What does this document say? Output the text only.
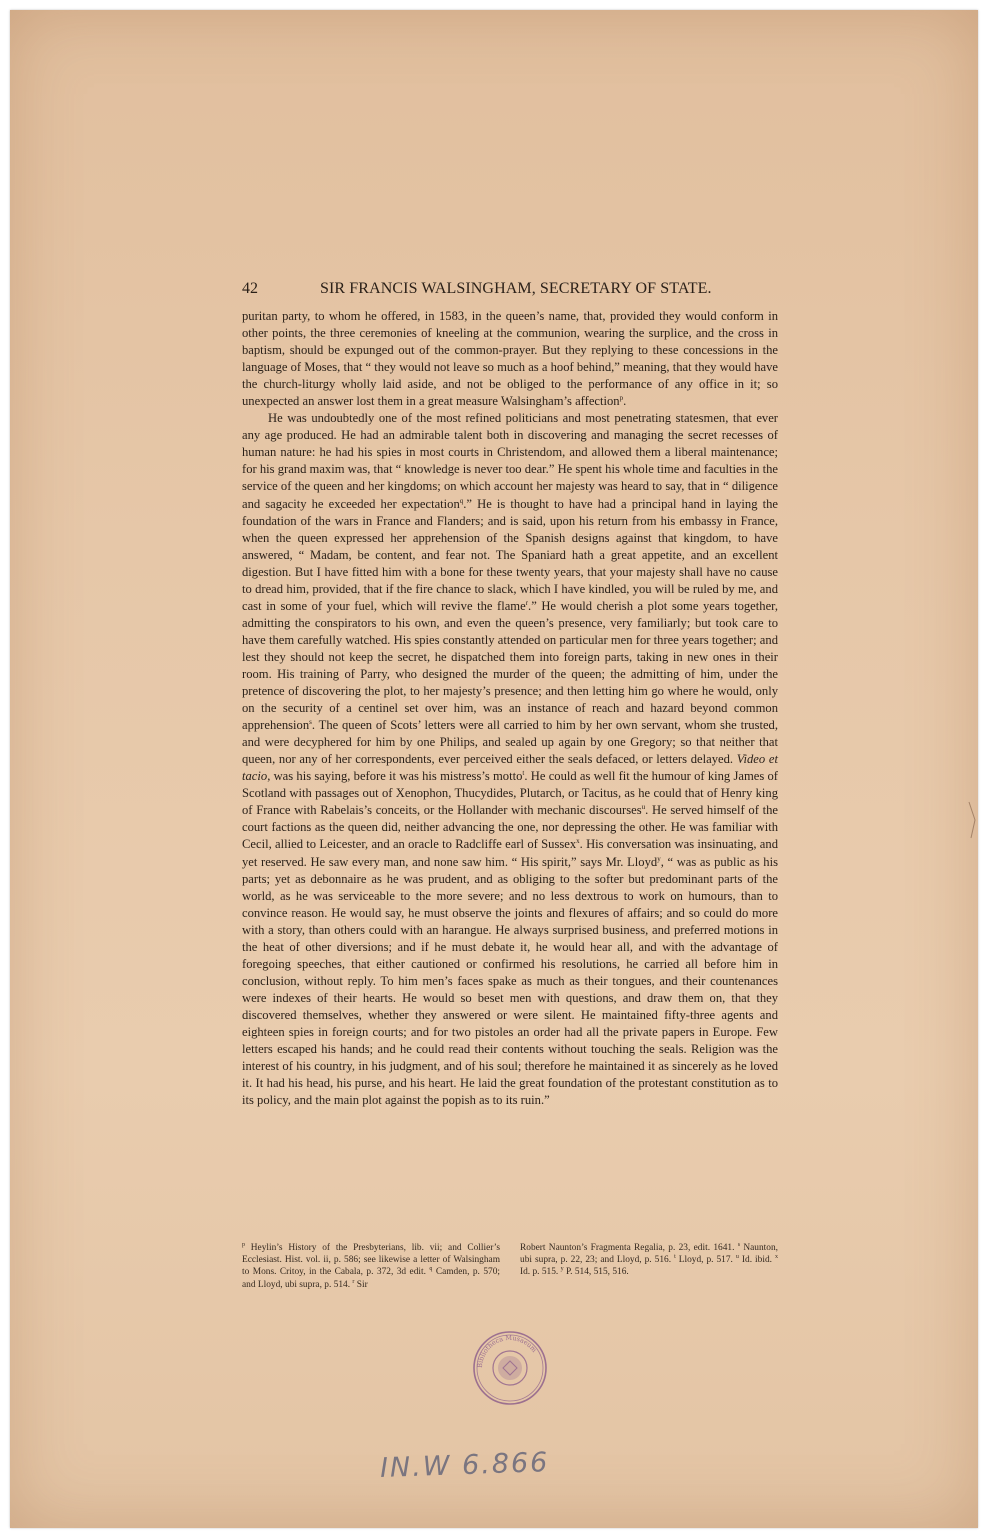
42	SIR FRANCIS WALSINGHAM, SECRETARY OF STATE.

puritan party, to whom he offered, in 1583, in the queen’s name, that, provided they would conform in other points, the three ceremonies of kneeling at the communion, wearing the surplice, and the cross in baptism, should be expunged out of the common-prayer. But they replying to these concessions in the language of Moses, that “ they would not leave so much as a hoof behind,” meaning, that they would have the church-liturgy wholly laid aside, and not be obliged to the performance of any office in it; so unexpected an answer lost them in a great measure Walsingham’s affection$^p$.

He was undoubtedly one of the most refined politicians and most penetrating statesmen, that ever any age produced. He had an admirable talent both in discovering and managing the secret recesses of human nature: he had his spies in most courts in Christendom, and allowed them a liberal maintenance; for his grand maxim was, that “ knowledge is never too dear.” He spent his whole time and faculties in the service of the queen and her kingdoms; on which account her majesty was heard to say, that in “ diligence and sagacity he exceeded her expectation$^q$.” He is thought to have had a principal hand in laying the foundation of the wars in France and Flanders; and is said, upon his return from his embassy in France, when the queen expressed her apprehension of the Spanish designs against that kingdom, to have answered, “ Madam, be content, and fear not. The Spaniard hath a great appetite, and an excellent digestion. But I have fitted him with a bone for these twenty years, that your majesty shall have no cause to dread him, provided, that if the fire chance to slack, which I have kindled, you will be ruled by me, and cast in some of your fuel, which will revive the flame$^r$.” He would cherish a plot some years together, admitting the conspirators to his own, and even the queen’s presence, very familiarly; but took care to have them carefully watched. His spies constantly attended on particular men for three years together; and lest they should not keep the secret, he dispatched them into foreign parts, taking in new ones in their room. His training of Parry, who designed the murder of the queen; the admitting of him, under the pretence of discovering the plot, to her majesty’s presence; and then letting him go where he would, only on the security of a centinel set over him, was an instance of reach and hazard beyond common apprehension$^s$. The queen of Scots’ letters were all carried to him by her own servant, whom she trusted, and were decyphered for him by one Philips, and sealed up again by one Gregory; so that neither that queen, nor any of her correspondents, ever perceived either the seals defaced, or letters delayed. Video et tacio, was his saying, before it was his mistress’s motto$^t$. He could as well fit the humour of king James of Scotland with passages out of Xenophon, Thucydides, Plutarch, or Tacitus, as he could that of Henry king of France with Rabelais’s conceits, or the Hollander with mechanic discourses$^u$. He served himself of the court factions as the queen did, neither advancing the one, nor depressing the other. He was familiar with Cecil, allied to Leicester, and an oracle to Radcliffe earl of Sussex$^x$. His conversation was insinuating, and yet reserved. He saw every man, and none saw him. “ His spirit,” says Mr. Lloyd$^y$, “ was as public as his parts; yet as debonnaire as he was prudent, and as obliging to the softer but predominant parts of the world, as he was serviceable to the more severe; and no less dextrous to work on humours, than to convince reason. He would say, he must observe the joints and flexures of affairs; and so could do more with a story, than others could with an harangue. He always surprised business, and preferred motions in the heat of other diversions; and if he must debate it, he would hear all, and with the advantage of foregoing speeches, that either cautioned or confirmed his resolutions, he carried all before him in conclusion, without reply. To him men’s faces spake as much as their tongues, and their countenances were indexes of their hearts. He would so beset men with questions, and draw them on, that they discovered themselves, whether they answered or were silent. He maintained fifty-three agents and eighteen spies in foreign courts; and for two pistoles an order had all the private papers in Europe. Few letters escaped his hands; and he could read their contents without touching the seals. Religion was the interest of his country, in his judgment, and of his soul; therefore he maintained it as sincerely as he loved it. It had his head, his purse, and his heart. He laid the great foundation of the protestant constitution as to its policy, and the main plot against the popish as to its ruin.”

$^p$ Heylin’s History of the Presbyterians, lib. vii; and Collier’s Ecclesiast. Hist. vol. ii, p. 586; see likewise a letter of Walsingham to Mons. Critoy, in the Cabala, p. 372, 3d edit. $^q$ Camden, p. 570; and Lloyd, ubi supra, p. 514. $^r$ Sir
Robert Naunton’s Fragmenta Regalia, p. 23, edit. 1641. $^s$ Naunton, ubi supra, p. 22, 23; and Lloyd, p. 516. $^t$ Lloyd, p. 517. $^u$ Id. ibid. $^x$ Id. p. 515. $^y$ P. 514, 515, 516.
Bibliotheca Musaeum
IN.W 6.866
